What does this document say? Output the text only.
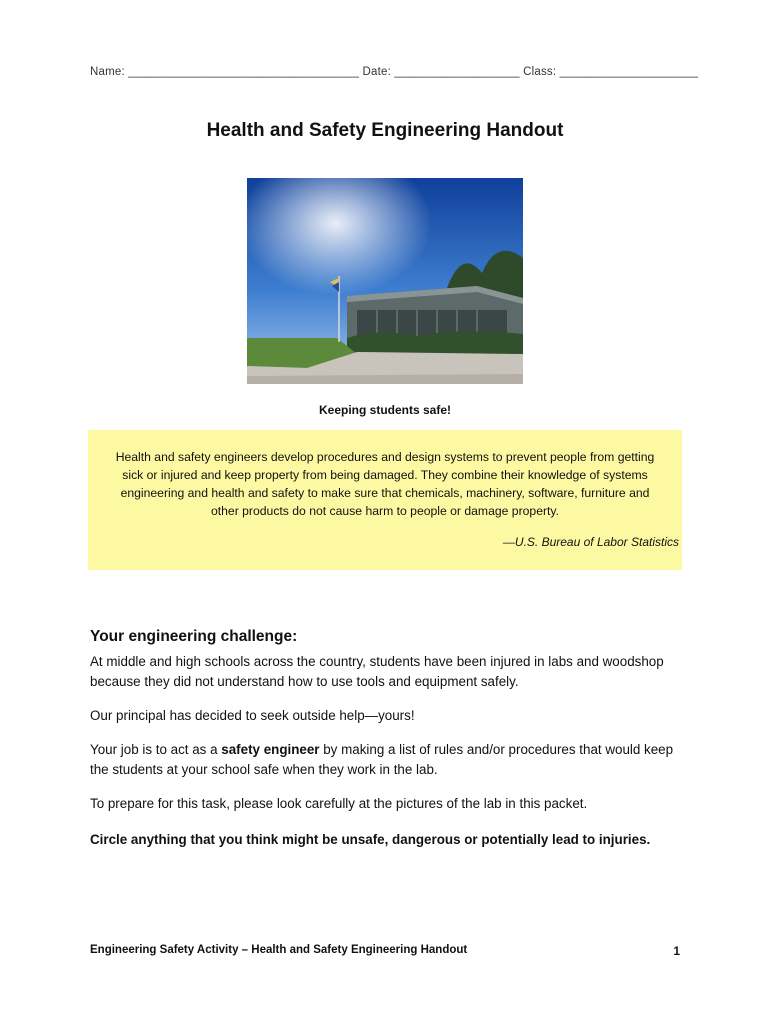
Name: ___________________________________ Date: ___________________ Class: _____________________
Health and Safety Engineering Handout
Keeping students safe!
Health and safety engineers develop procedures and design systems to prevent people from getting sick or injured and keep property from being damaged. They combine their knowledge of systems engineering and health and safety to make sure that chemicals, machinery, software, furniture and other products do not cause harm to people or damage property.
—U.S. Bureau of Labor Statistics
Your engineering challenge:
At middle and high schools across the country, students have been injured in labs and woodshop because they did not understand how to use tools and equipment safely.
Our principal has decided to seek outside help—yours!
Your job is to act as a safety engineer by making a list of rules and/or procedures that would keep the students at your school safe when they work in the lab.
To prepare for this task, please look carefully at the pictures of the lab in this packet.
Circle anything that you think might be unsafe, dangerous or potentially lead to injuries.
Engineering Safety Activity – Health and Safety Engineering Handout	1
